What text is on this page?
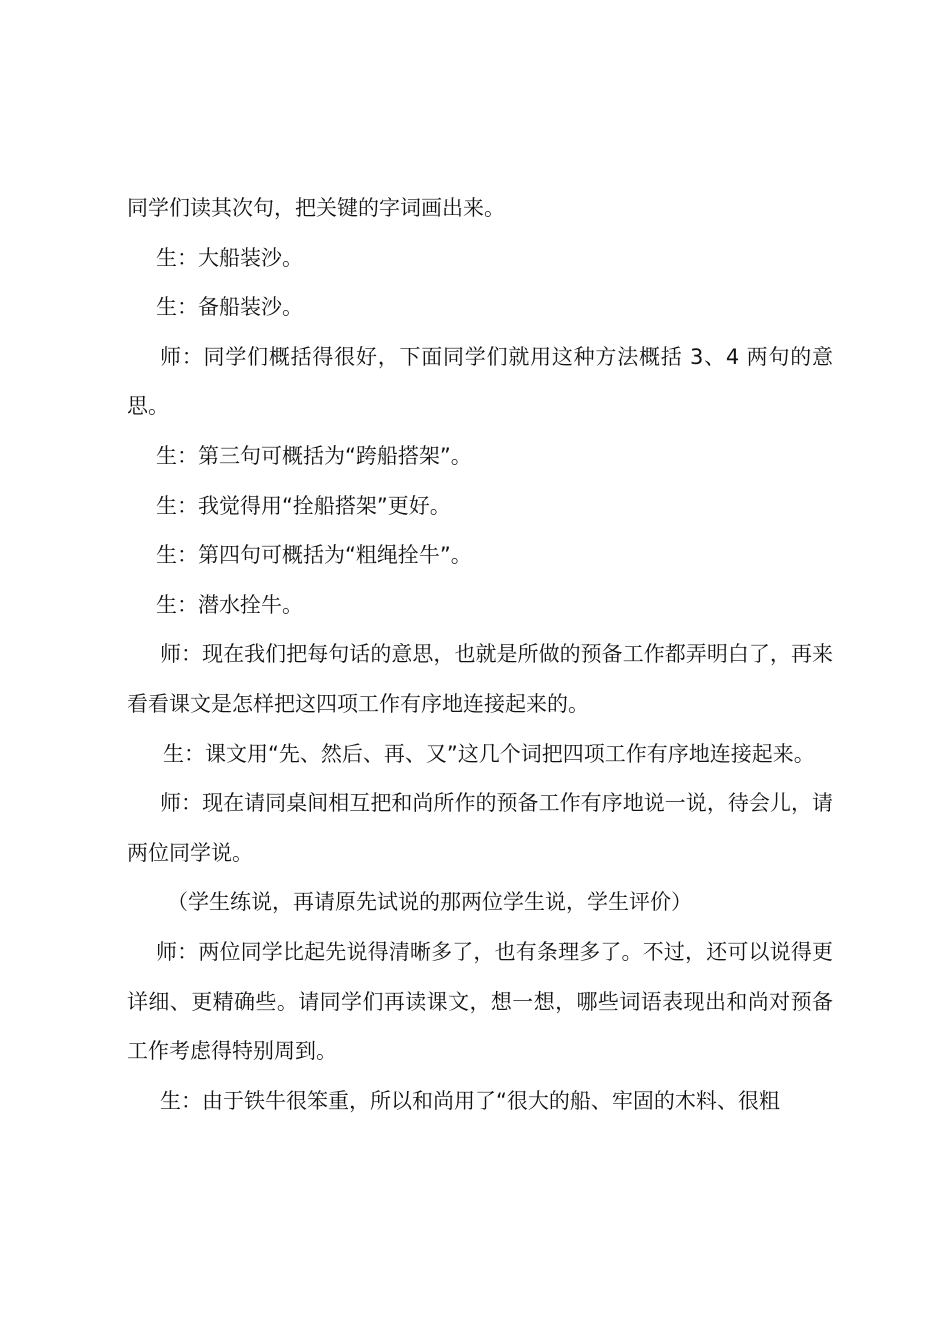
同学们读其次句，把关键的字词画出来。

生：大船装沙。

生：备船装沙。

师：同学们概括得很好，下面同学们就用这种方法概括 3、4 两句的意思。

生：第三句可概括为“跨船搭架”。

生：我觉得用“拴船搭架”更好。

生：第四句可概括为“粗绳拴牛”。

生：潜水拴牛。

师：现在我们把每句话的意思，也就是所做的预备工作都弄明白了，再来看看课文是怎样把这四项工作有序地连接起来的。

生：课文用“先、然后、再、又”这几个词把四项工作有序地连接起来。

师：现在请同桌间相互把和尚所作的预备工作有序地说一说，待会儿，请两位同学说。

（学生练说，再请原先试说的那两位学生说，学生评价）

师：两位同学比起先说得清晰多了，也有条理多了。不过，还可以说得更详细、更精确些。请同学们再读课文，想一想，哪些词语表现出和尚对预备工作考虑得特别周到。

生：由于铁牛很笨重，所以和尚用了“很大的船、牢固的木料、很粗
